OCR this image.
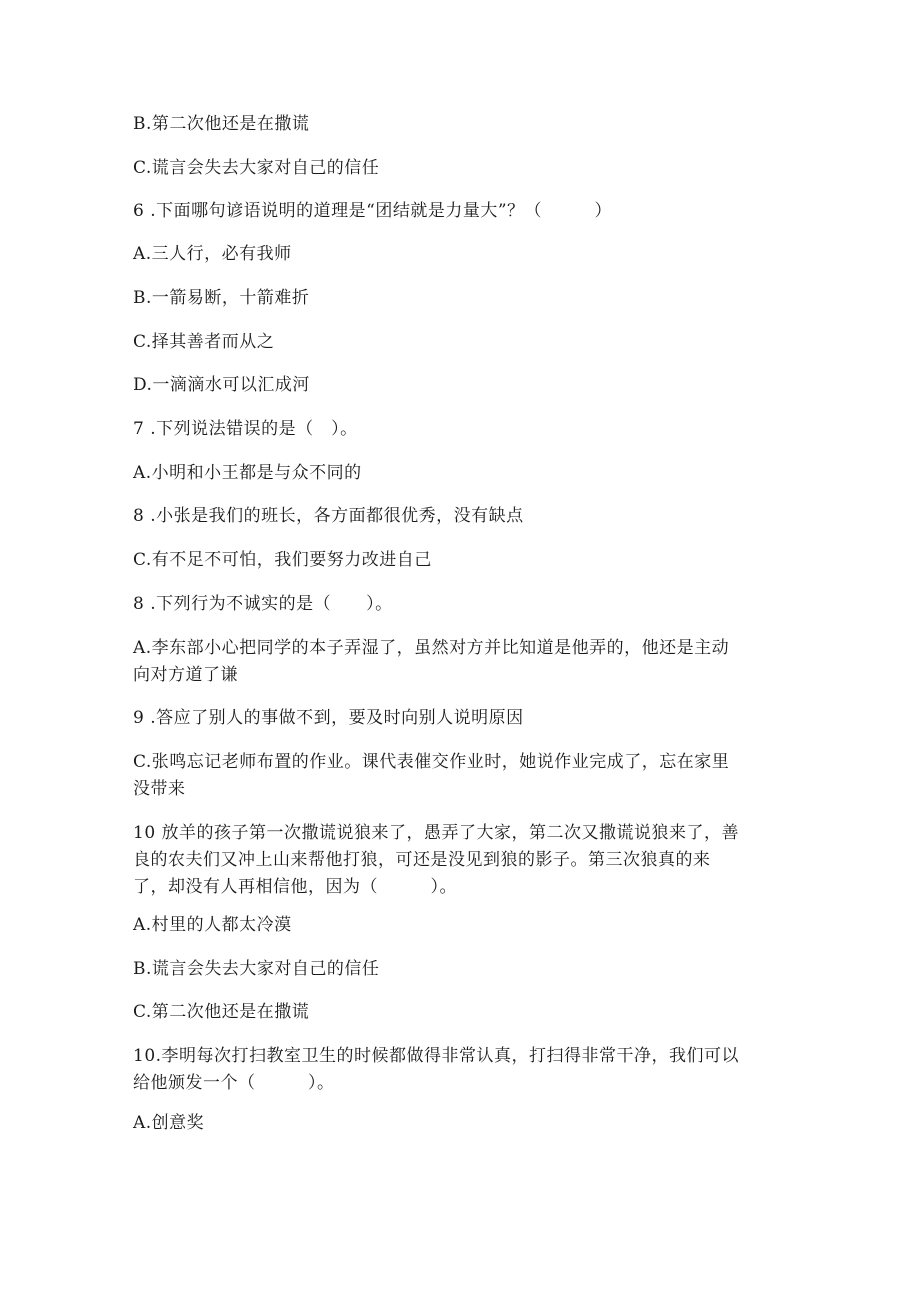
B.第二次他还是在撒谎
C.谎言会失去大家对自己的信任
6 .下面哪句谚语说明的道理是“团结就是力量大”？（　　　）
A.三人行，必有我师
B.一箭易断，十箭难折
C.择其善者而从之
D.一滴滴水可以汇成河
7 .下列说法错误的是（　）。
A.小明和小王都是与众不同的
8 .小张是我们的班长，各方面都很优秀，没有缺点
C.有不足不可怕，我们要努力改进自己
8 .下列行为不诚实的是（　　）。
A.李东部小心把同学的本子弄湿了，虽然对方并比知道是他弄的，他还是主动
向对方道了谦
9 .答应了别人的事做不到，要及时向别人说明原因
C.张鸣忘记老师布置的作业。课代表催交作业时，她说作业完成了，忘在家里
没带来
10 放羊的孩子第一次撒谎说狼来了，愚弄了大家，第二次又撒谎说狼来了，善
良的农夫们又冲上山来帮他打狼，可还是没见到狼的影子。第三次狼真的来
了，却没有人再相信他，因为（　　　）。
A.村里的人都太冷漠
B.谎言会失去大家对自己的信任
C.第二次他还是在撒谎
10.李明每次打扫教室卫生的时候都做得非常认真，打扫得非常干净，我们可以
给他颁发一个（　　　）。
A.创意奖
